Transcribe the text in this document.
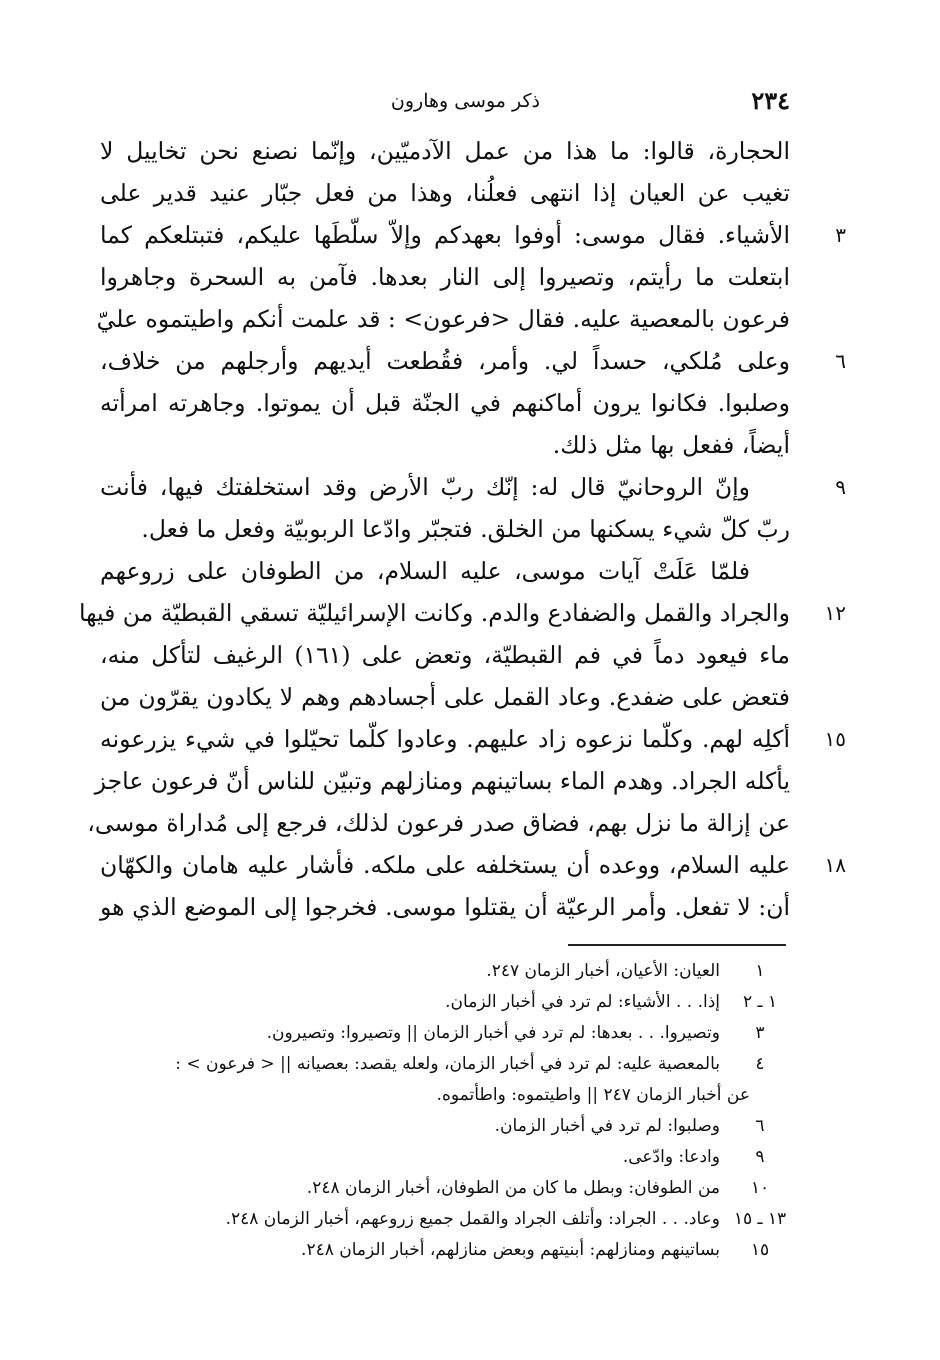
٢٣٤
ذكر موسى وهارون
الحجارة، قالوا: ما هذا من عمل الآدميّين، وإنّما نصنع نحن تخاييل لا
تغيب عن العيان إذا انتهى فعلُنا، وهذا من فعل جبّار عنيد قدير على
٣
الأشياء. فقال موسى: أوفوا بعهدكم وإلاّ سلّطَها عليكم، فتبتلعكم كما
ابتعلت ما رأيتم، وتصيروا إلى النار بعدها. فآمن به السحرة وجاهروا
فرعون بالمعصية عليه. فقال <فرعون> : قد علمت أنكم واطيتموه عليّ
٦
وعلى مُلكي، حسداً لي. وأمر، فقُطعت أيديهم وأرجلهم من خلاف،
وصلبوا. فكانوا يرون أماكنهم في الجنّة قبل أن يموتوا. وجاهرته امرأته
أيضاً، ففعل بها مثل ذلك.
٩
وإنّ الروحانيّ قال له: إنّك ربّ الأرض وقد استخلفتك فيها، فأنت
ربّ كلّ شيء يسكنها من الخلق. فتجبّر وادّعا الربوبيّة وفعل ما فعل.
فلمّا عَلَتْ آيات موسى، عليه السلام، من الطوفان على زروعهم
١٢
والجراد والقمل والضفادع والدم. وكانت الإسرائيليّة تسقي القبطيّة من فيها
ماء فيعود دماً في فم القبطيّة، وتعض على (١٦١) الرغيف لتأكل منه،
فتعض على ضفدع. وعاد القمل على أجسادهم وهم لا يكادون يقرّون من
١٥
أكلِه لهم. وكلّما نزعوه زاد عليهم. وعادوا كلّما تحيّلوا في شيء يزرعونه
يأكله الجراد. وهدم الماء بساتينهم ومنازلهم وتبيّن للناس أنّ فرعون عاجز
عن إزالة ما نزل بهم، فضاق صدر فرعون لذلك، فرجع إلى مُداراة موسى،
١٨
عليه السلام، ووعده أن يستخلفه على ملكه. فأشار عليه هامان والكهّان
أن: لا تفعل. وأمر الرعيّة أن يقتلوا موسى. فخرجوا إلى الموضع الذي هو
١
العيان: الأعيان، أخبار الزمان ٢٤٧.
١ ـ ٢
إذا. . . الأشياء: لم ترد في أخبار الزمان.
٣
وتصيروا. . . بعدها: لم ترد في أخبار الزمان || وتصيروا: وتصيرون.
٤
بالمعصية عليه: لم ترد في أخبار الزمان، ولعله يقصد: بعصيانه || < فرعون > :
عن أخبار الزمان ٢٤٧ || واطيتموه: واطأتموه.
٦
وصلبوا: لم ترد في أخبار الزمان.
٩
وادعا: وادّعى.
١٠
من الطوفان: وبطل ما كان من الطوفان، أخبار الزمان ٢٤٨.
١٣ ـ ١٥
وعاد. . . الجراد: وأتلف الجراد والقمل جميع زروعهم، أخبار الزمان ٢٤٨.
١٥
بساتينهم ومنازلهم: أبنيتهم وبعض منازلهم، أخبار الزمان ٢٤٨.
